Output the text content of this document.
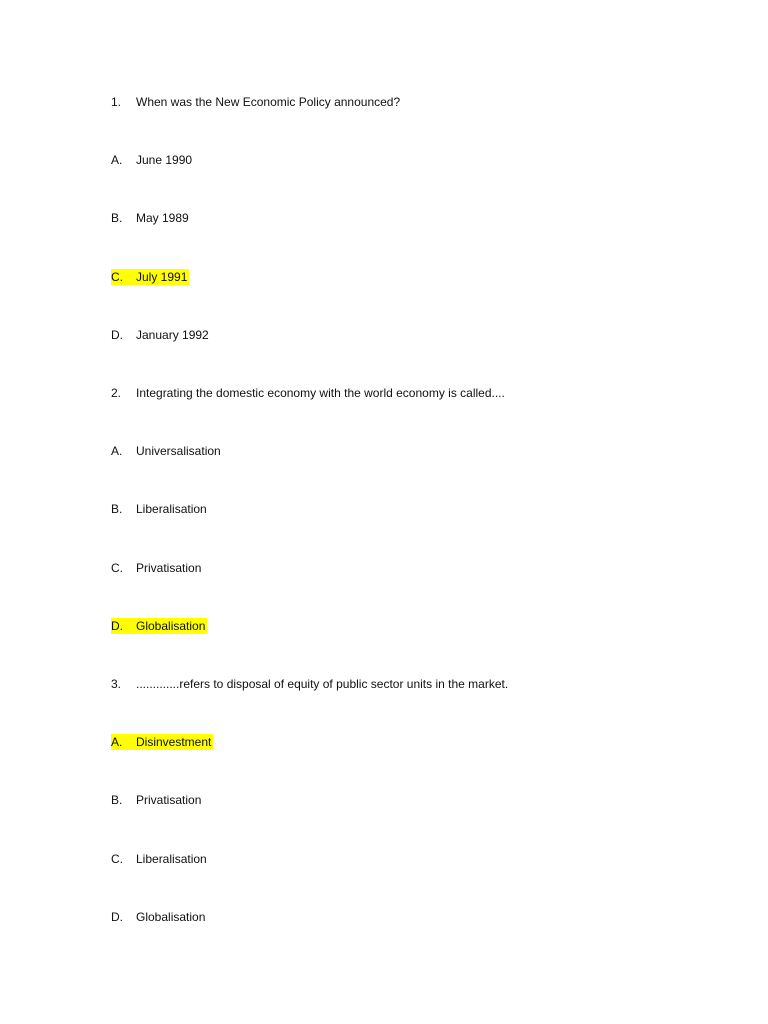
1. When was the New Economic Policy announced?
A. June 1990
B. May 1989
C. July 1991
D. January 1992
2. Integrating the domestic economy with the world economy is called....
A. Universalisation
B. Liberalisation
C. Privatisation
D. Globalisation
3. .............refers to disposal of equity of public sector units in the market.
A. Disinvestment
B. Privatisation
C. Liberalisation
D. Globalisation
